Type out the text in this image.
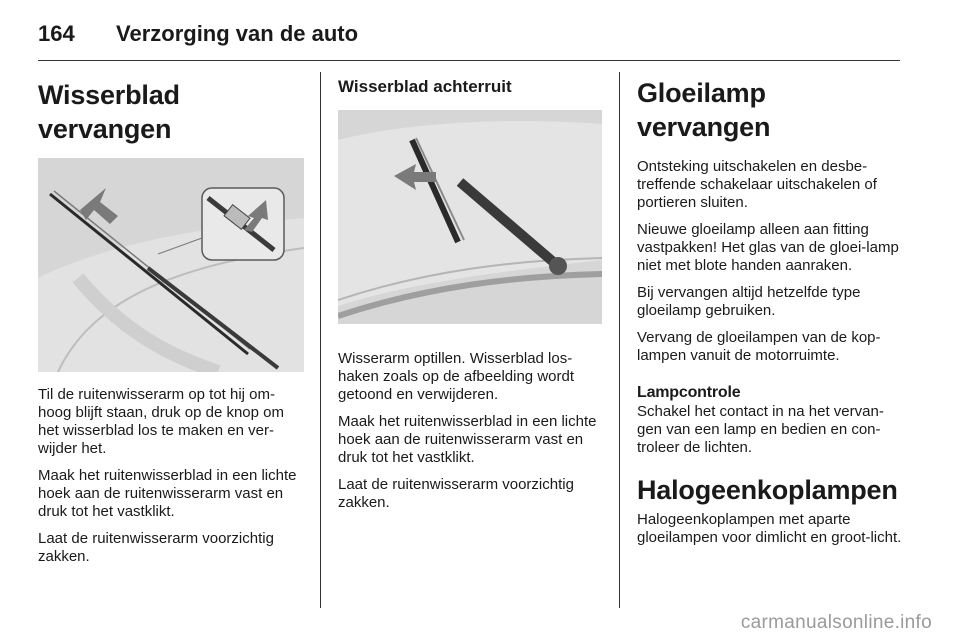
164	Verzorging van de auto
Wisserblad vervangen

Til de ruitenwisserarm op tot hij om-hoog blijft staan, druk op de knop om het wisserblad los te maken en ver-wijder het.

Maak het ruitenwisserblad in een lichte hoek aan de ruitenwisserarm vast en druk tot het vastklikt.

Laat de ruitenwisserarm voorzichtig zakken.

Wisserblad achterruit

Wisserarm optillen. Wisserblad los-haken zoals op de afbeelding wordt getoond en verwijderen.

Maak het ruitenwisserblad in een lichte hoek aan de ruitenwisserarm vast en druk tot het vastklikt.

Laat de ruitenwisserarm voorzichtig zakken.

Gloeilamp vervangen

Ontsteking uitschakelen en desbe-treffende schakelaar uitschakelen of portieren sluiten.

Nieuwe gloeilamp alleen aan fitting vastpakken! Het glas van de gloei-lamp niet met blote handen aanraken.

Bij vervangen altijd hetzelfde type gloeilamp gebruiken.

Vervang de gloeilampen van de kop-lampen vanuit de motorruimte.

Lampcontrole

Schakel het contact in na het vervan-gen van een lamp en bedien en con-troleer de lichten.

Halogeenkoplampen

Halogeenkoplampen met aparte gloeilampen voor dimlicht en groot-licht.

carmanualsonline.info
